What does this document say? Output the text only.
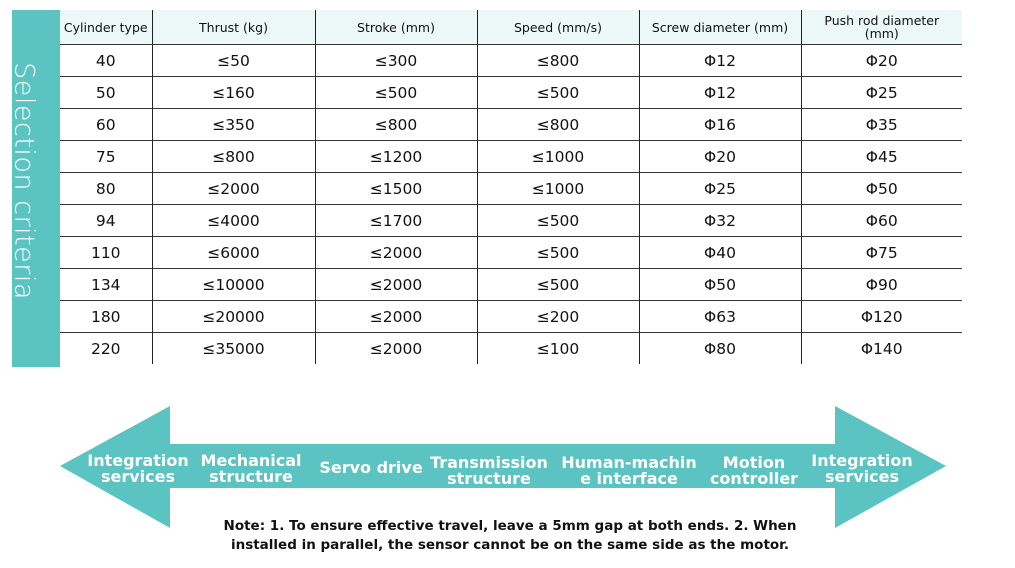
Selection criteria
Cylinder type	Thrust (kg)	Stroke (mm)	Speed (mm/s)	Screw diameter (mm)	Push rod diameter (mm)
40	≤50	≤300	≤800	Φ12	Φ20
50	≤160	≤500	≤500	Φ12	Φ25
60	≤350	≤800	≤800	Φ16	Φ35
75	≤800	≤1200	≤1000	Φ20	Φ45
80	≤2000	≤1500	≤1000	Φ25	Φ50
94	≤4000	≤1700	≤500	Φ32	Φ60
110	≤6000	≤2000	≤500	Φ40	Φ75
134	≤10000	≤2000	≤500	Φ50	Φ90
180	≤20000	≤2000	≤200	Φ63	Φ120
220	≤35000	≤2000	≤100	Φ80	Φ140
Integration
services
Mechanical
structure	Servo drive Transmission
structure
Human-machin
e interface
Motion
controller
Integration
services
Note: 1. To ensure effective travel, leave a 5mm gap at both ends. 2. When
installed in parallel, the sensor cannot be on the same side as the motor.
